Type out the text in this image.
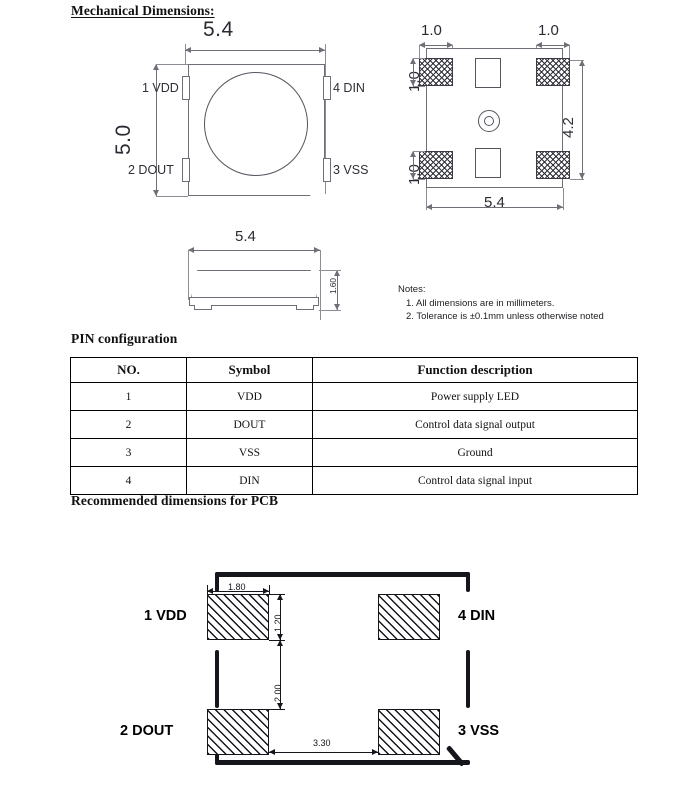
Mechanical Dimensions:
5.4
5.0
1 VDD
2 DOUT
4 DIN
3 VSS
1.0	1.0
1.0
1.0
4.2
5.4
5.4
1.60	Notes:
1. All dimensions are in millimeters.
2. Tolerance is ±0.1mm unless otherwise noted
PIN configuration
NO.	Symbol	Function description
1	VDD	Power supply LED
2	DOUT	Control data signal output
3	VSS	Ground
4	DIN	Control data signal input
Recommended dimensions for PCB
1 VDD
2 DOUT
4 DIN
3 VSS
1.80
1.20
2.00
3.30
